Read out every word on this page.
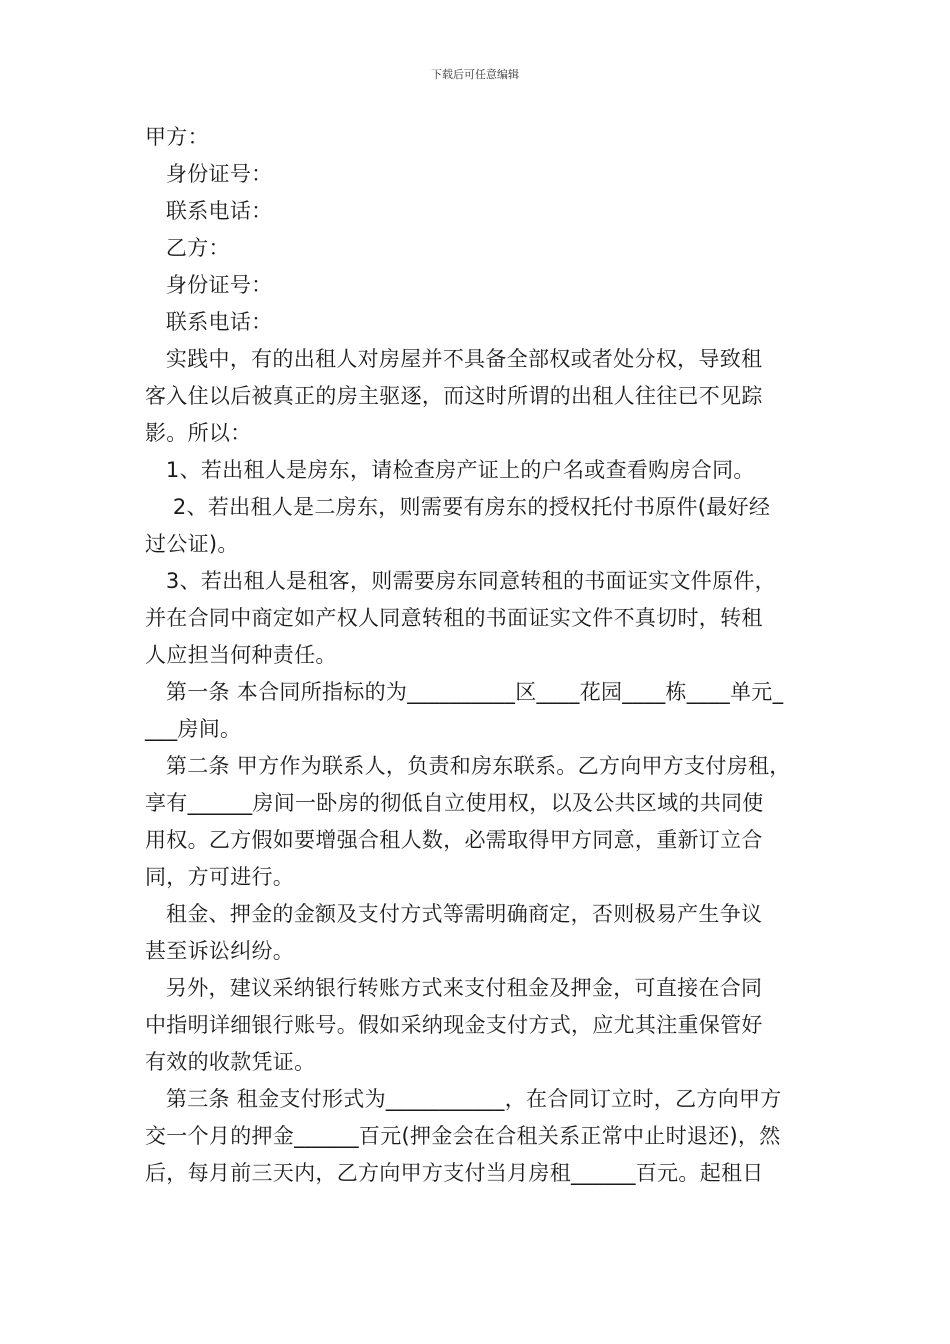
下载后可任意编辑
甲方：
身份证号：
联系电话：
乙方：
身份证号：
联系电话：
实践中，有的出租人对房屋并不具备全部权或者处分权，导致租
客入住以后被真正的房主驱逐，而这时所谓的出租人往往已不见踪
影。所以：
1、若出租人是房东，请检查房产证上的户名或查看购房合同。
2、若出租人是二房东，则需要有房东的授权托付书原件(最好经
过公证)。
3、若出租人是租客，则需要房东同意转租的书面证实文件原件，
并在合同中商定如产权人同意转租的书面证实文件不真切时，转租
人应担当何种责任。
第一条 本合同所指标的为__________区____花园____栋____单元_
___房间。
第二条 甲方作为联系人，负责和房东联系。乙方向甲方支付房租，
享有______房间一卧房的彻低自立使用权，以及公共区域的共同使
用权。乙方假如要增强合租人数，必需取得甲方同意，重新订立合
同，方可进行。
租金、押金的金额及支付方式等需明确商定，否则极易产生争议
甚至诉讼纠纷。
另外，建议采纳银行转账方式来支付租金及押金，可直接在合同
中指明详细银行账号。假如采纳现金支付方式，应尤其注重保管好
有效的收款凭证。
第三条 租金支付形式为___________，在合同订立时，乙方向甲方
交一个月的押金______百元(押金会在合租关系正常中止时退还)，然
后，每月前三天内，乙方向甲方支付当月房租______百元。起租日
